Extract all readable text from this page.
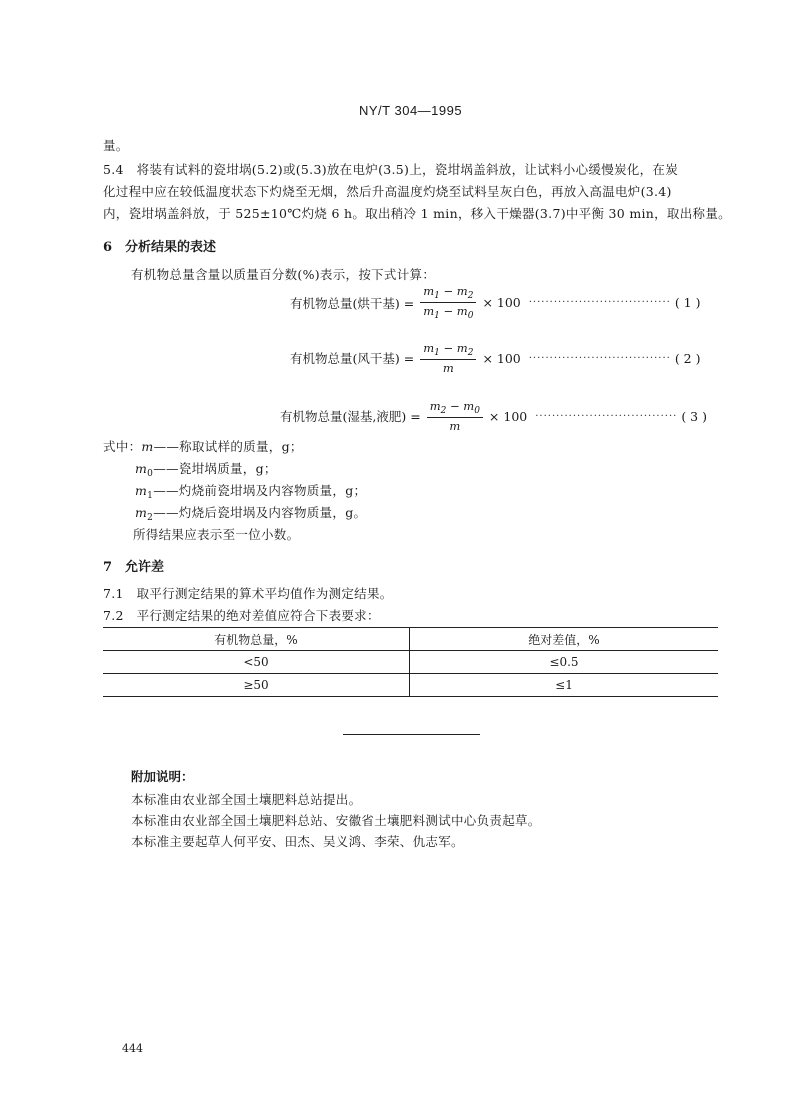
NY/T 304—1995
量。
5.4 将装有试料的瓷坩埚(5.2)或(5.3)放在电炉(3.5)上，瓷坩埚盖斜放，让试料小心缓慢炭化，在炭
化过程中应在较低温度状态下灼烧至无烟，然后升高温度灼烧至试料呈灰白色，再放入高温电炉(3.4)
内，瓷坩埚盖斜放，于 525±10℃灼烧 6 h。取出稍冷 1 min，移入干燥器(3.7)中平衡 30 min，取出称量。
6　分析结果的表述
有机物总量含量以质量百分数(%)表示，按下式计算：
有机物总量(烘干基) = $\frac{m_1 - m_2}{m_1 - m_0} \times 100$ ·································· ( 1 )
有机物总量(风干基) = $\frac{m_1 - m_2}{m} \times 100$ ·································· ( 2 )
有机物总量(湿基,液肥) = $\frac{m_2 - m_0}{m} \times 100$ ·································· ( 3 )
式中：m——称取试样的质量，g；
$m_0——$瓷坩埚质量，g；
$m_1——$灼烧前瓷坩埚及内容物质量，g；
$m_2——$灼烧后瓷坩埚及内容物质量，g。
所得结果应表示至一位小数。
7　允许差
7.1　取平行测定结果的算术平均值作为测定结果。
7.2　平行测定结果的绝对差值应符合下表要求：
有机物总量，%	绝对差值，%
<50	≤0.5
≥50	≤1
附加说明：
本标准由农业部全国土壤肥料总站提出。
本标准由农业部全国土壤肥料总站、安徽省土壤肥料测试中心负责起草。
本标准主要起草人何平安、田杰、吴义鸿、李荣、仇志军。
444
